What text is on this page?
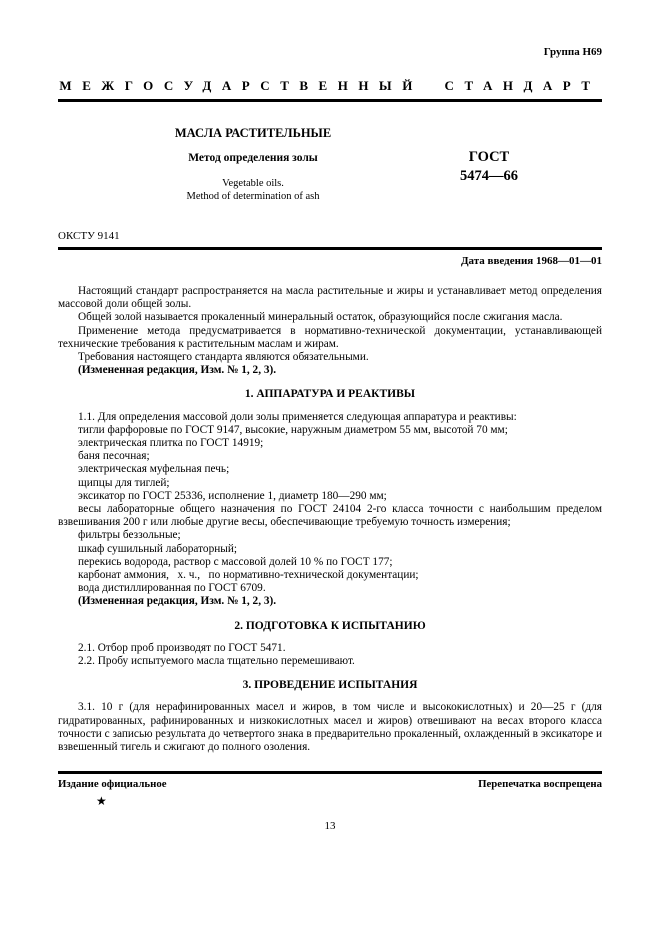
Группа Н69
МЕЖГОСУДАРСТВЕННЫЙ СТАНДАРТ
МАСЛА РАСТИТЕЛЬНЫЕ
Метод определения золы
Vegetable oils.
Method of determination of ash
ГОСТ
5474—66
ОКСТУ 9141
Дата введения 1968—01—01
Настоящий стандарт распространяется на масла растительные и жиры и устанавливает метод определения массовой доли общей золы.
Общей золой называется прокаленный минеральный остаток, образующийся после сжигания масла.
Применение метода предусматривается в нормативно-технической документации, устанавливающей технические требования к растительным маслам и жирам.
Требования настоящего стандарта являются обязательными.
(Измененная редакция, Изм. № 1, 2, 3).
1. АППАРАТУРА И РЕАКТИВЫ
1.1. Для определения массовой доли золы применяется следующая аппаратура и реактивы:
тигли фарфоровые по ГОСТ 9147, высокие, наружным диаметром 55 мм, высотой 70 мм;
электрическая плитка по ГОСТ 14919;
баня песочная;
электрическая муфельная печь;
щипцы для тиглей;
эксикатор по ГОСТ 25336, исполнение 1, диаметр 180—290 мм;
весы лабораторные общего назначения по ГОСТ 24104 2-го класса точности с наибольшим пределом взвешивания 200 г или любые другие весы, обеспечивающие требуемую точность измерения;
фильтры беззольные;
шкаф сушильный лабораторный;
перекись водорода, раствор с массовой долей 10 % по ГОСТ 177;
карбонат аммония,  х. ч.,  по нормативно-технической документации;
вода дистиллированная по ГОСТ 6709.
(Измененная редакция, Изм. № 1, 2, 3).
2. ПОДГОТОВКА К ИСПЫТАНИЮ
2.1. Отбор проб производят по ГОСТ 5471.
2.2. Пробу испытуемого масла тщательно перемешивают.
3. ПРОВЕДЕНИЕ ИСПЫТАНИЯ
3.1. 10 г (для нерафинированных масел и жиров, в том числе и высококислотных) и 20—25 г (для гидратированных, рафинированных и низкокислотных масел и жиров) отвешивают на весах второго класса точности с записью результата до четвертого знака в предварительно прокаленный, охлажденный в эксикаторе и взвешенный тигель и сжигают до полного озоления.
Издание официальное	Перепечатка воспрещена
★
13
